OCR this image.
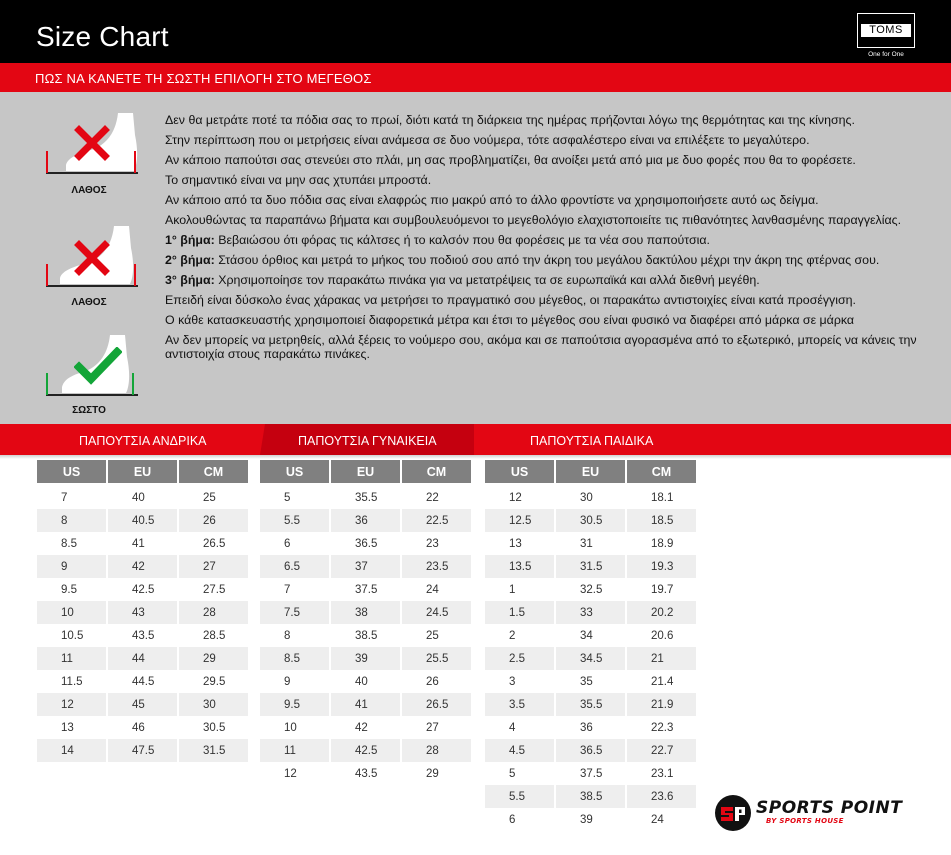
Size Chart	TOMS
One for One
ΠΩΣ ΝΑ ΚΑΝΕΤΕ ΤΗ ΣΩΣΤΗ ΕΠΙΛΟΓΗ ΣΤΟ ΜΕΓΕΘΟΣ
ΛΑΘΟΣ
ΛΑΘΟΣ
ΣΩΣΤΟ
Δεν θα μετράτε ποτέ τα πόδια σας το πρωί, διότι κατά τη διάρκεια της ημέρας πρήζονται λόγω της θερμότητας και της κίνησης.
Στην περίπτωση που οι μετρήσεις είναι ανάμεσα σε δυο νούμερα, τότε ασφαλέστερο είναι να επιλέξετε το μεγαλύτερο.
Αν κάποιο παπούτσι σας στενεύει στο πλάι, μη σας προβληματίζει, θα ανοίξει μετά από μια με δυο φορές που θα το φορέσετε.
Το σημαντικό είναι να μην σας χτυπάει μπροστά.
Αν κάποιο από τα δυο πόδια σας είναι ελαφρώς πιο μακρύ από το άλλο φροντίστε να χρησιμοποιήσετε αυτό ως δείγμα.
Ακολουθώντας τα παραπάνω βήματα και συμβουλευόμενοι το μεγεθολόγιο ελαχιστοποιείτε τις πιθανότητες λανθασμένης παραγγελίας.
1° βήμα: Βεβαιώσου ότι φόρας τις κάλτσες ή το καλσόν που θα φορέσεις με τα νέα σου παπούτσια.
2° βήμα: Στάσου όρθιος και μετρά το μήκος του ποδιού σου από την άκρη του μεγάλου δακτύλου μέχρι την άκρη της φτέρνας σου.
3° βήμα: Χρησιμοποίησε τον παρακάτω πινάκα για να μετατρέψεις τα σε ευρωπαϊκά και αλλά διεθνή μεγέθη.
Επειδή είναι δύσκολο ένας χάρακας να μετρήσει το πραγματικό σου μέγεθος, οι παρακάτω αντιστοιχίες είναι κατά προσέγγιση.
Ο κάθε κατασκευαστής χρησιμοποιεί διαφορετικά μέτρα και έτσι το μέγεθος σου είναι φυσικό να διαφέρει από μάρκα σε μάρκα
Αν δεν μπορείς να μετρηθείς, αλλά ξέρεις το νούμερο σου, ακόμα και σε παπούτσια αγορασμένα από το εξωτερικό, μπορείς να κάνεις την αντιστοιχία στους παρακάτω πινάκες.
ΠΑΠΟΥΤΣΙΑ ΑΝΔΡΙΚΑ	ΠΑΠΟΥΤΣΙΑ ΓΥΝΑΙΚΕΙΑ	ΠΑΠΟΥΤΣΙΑ ΠΑΙΔΙΚΑ
US	EU	CM

7	40	25
8	40.5	26
8.5	41	26.5
9	42	27
9.5	42.5	27.5
10	43	28
10.5	43.5	28.5
11	44	29
11.5	44.5	29.5
12	45	30
13	46	30.5
14	47.5	31.5
US	EU	CM

5	35.5	22
5.5	36	22.5
6	36.5	23
6.5	37	23.5
7	37.5	24
7.5	38	24.5
8	38.5	25
8.5	39	25.5
9	40	26
9.5	41	26.5
10	42	27
11	42.5	28
12	43.5	29
US	EU	CM

12	30	18.1
12.5	30.5	18.5
13	31	18.9
13.5	31.5	19.3
1	32.5	19.7
1.5	33	20.2
2	34	20.6
2.5	34.5	21
3	35	21.4
3.5	35.5	21.9
4	36	22.3
4.5	36.5	22.7
5	37.5	23.1
5.5	38.5	23.6
6	39	24
SPORTS POINT
BY SPORTS HOUSE
